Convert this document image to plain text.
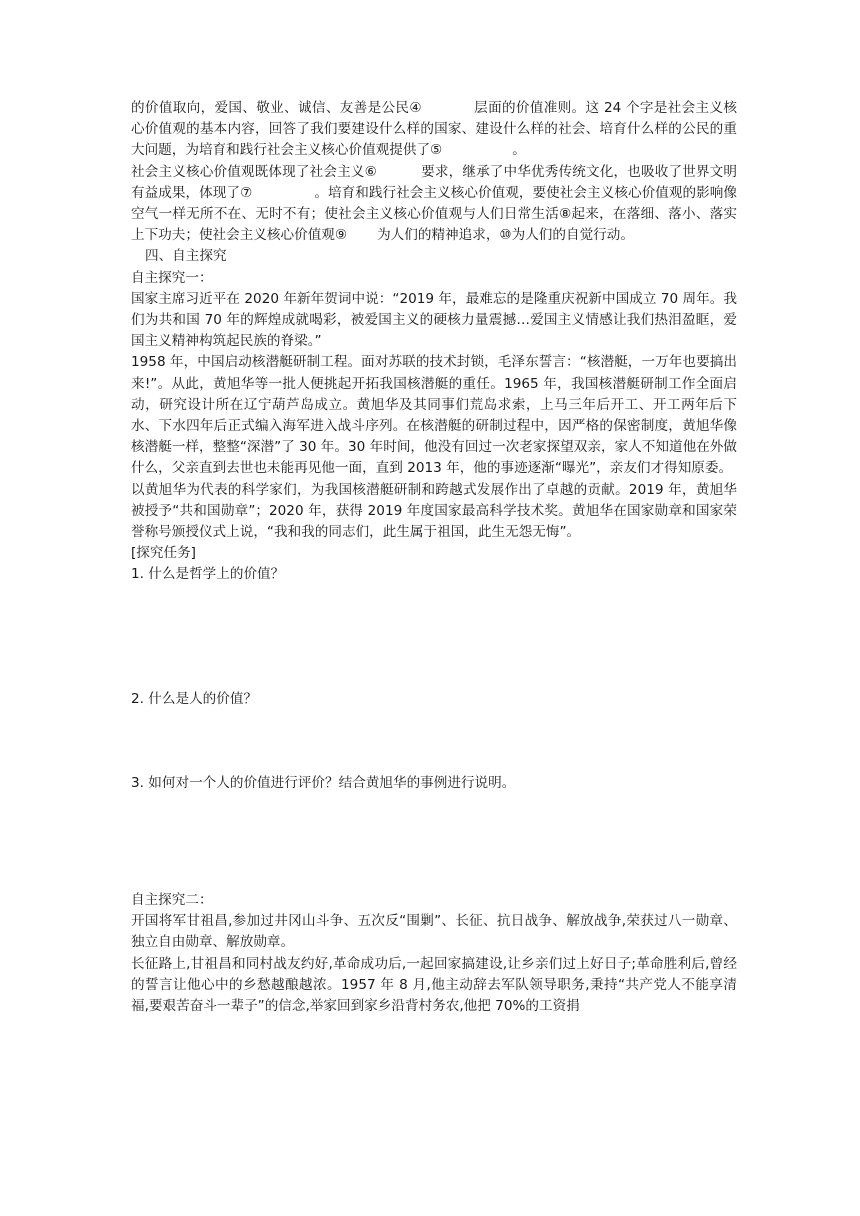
的价值取向，爱国、敬业、诚信、友善是公民④	层面的价值准则。这 24 个字是社会主义核心价值观的基本内容，回答了我们要建设什么样的国家、建设什么样的社会、培育什么样的公民的重大问题，为培育和践行社会主义核心价值观提供了⑤	。

社会主义核心价值观既体现了社会主义⑥	要求，继承了中华优秀传统文化，也吸收了世界文明有益成果，体现了⑦	。培育和践行社会主义核心价值观，要使社会主义核心价值观的影响像空气一样无所不在、无时不有；使社会主义核心价值观与人们日常生活⑧起来，在落细、落小、落实上下功夫；使社会主义核心价值观⑨ 为人们的精神追求，⑩为人们的自觉行动。

四、自主探究

自主探究一：

国家主席习近平在 2020 年新年贺词中说：“2019 年，最难忘的是隆重庆祝新中国成立 70 周年。我们为共和国 70 年的辉煌成就喝彩，被爱国主义的硬核力量震撼…爱国主义情感让我们热泪盈眶，爱国主义精神构筑起民族的脊梁。”

1958 年，中国启动核潜艇研制工程。面对苏联的技术封锁，毛泽东誓言：“核潜艇，一万年也要搞出来!”。从此，黄旭华等一批人便挑起开拓我国核潜艇的重任。1965 年，我国核潜艇研制工作全面启动，研究设计所在辽宁葫芦岛成立。黄旭华及其同事们荒岛求索，上马三年后开工、开工两年后下水、下水四年后正式编入海军进入战斗序列。在核潜艇的研制过程中，因严格的保密制度，黄旭华像核潜艇一样，整整“深潜”了 30 年。30 年时间，他没有回过一次老家探望双亲，家人不知道他在外做什么，父亲直到去世也未能再见他一面，直到 2013 年，他的事迹逐渐“曝光”，亲友们才得知原委。

以黄旭华为代表的科学家们，为我国核潜艇研制和跨越式发展作出了卓越的贡献。2019 年，黄旭华被授予“共和国勋章”；2020 年，获得 2019 年度国家最高科学技术奖。黄旭华在国家勋章和国家荣誉称号颁授仪式上说，“我和我的同志们，此生属于祖国，此生无怨无悔”。

[探究任务]

1. 什么是哲学上的价值？

2. 什么是人的价值？

3. 如何对一个人的价值进行评价？结合黄旭华的事例进行说明。

自主探究二：

开国将军甘祖昌,参加过井冈山斗争、五次反“围剿”、长征、抗日战争、解放战争,荣获过八一勋章、独立自由勋章、解放勋章。

长征路上,甘祖昌和同村战友约好,革命成功后,一起回家搞建设,让乡亲们过上好日子;革命胜利后,曾经的誓言让他心中的乡愁越酿越浓。1957 年 8 月,他主动辞去军队领导职务,秉持“共产党人不能享清福,要艰苦奋斗一辈子”的信念,举家回到家乡沿背村务农,他把 70%的工资捐
